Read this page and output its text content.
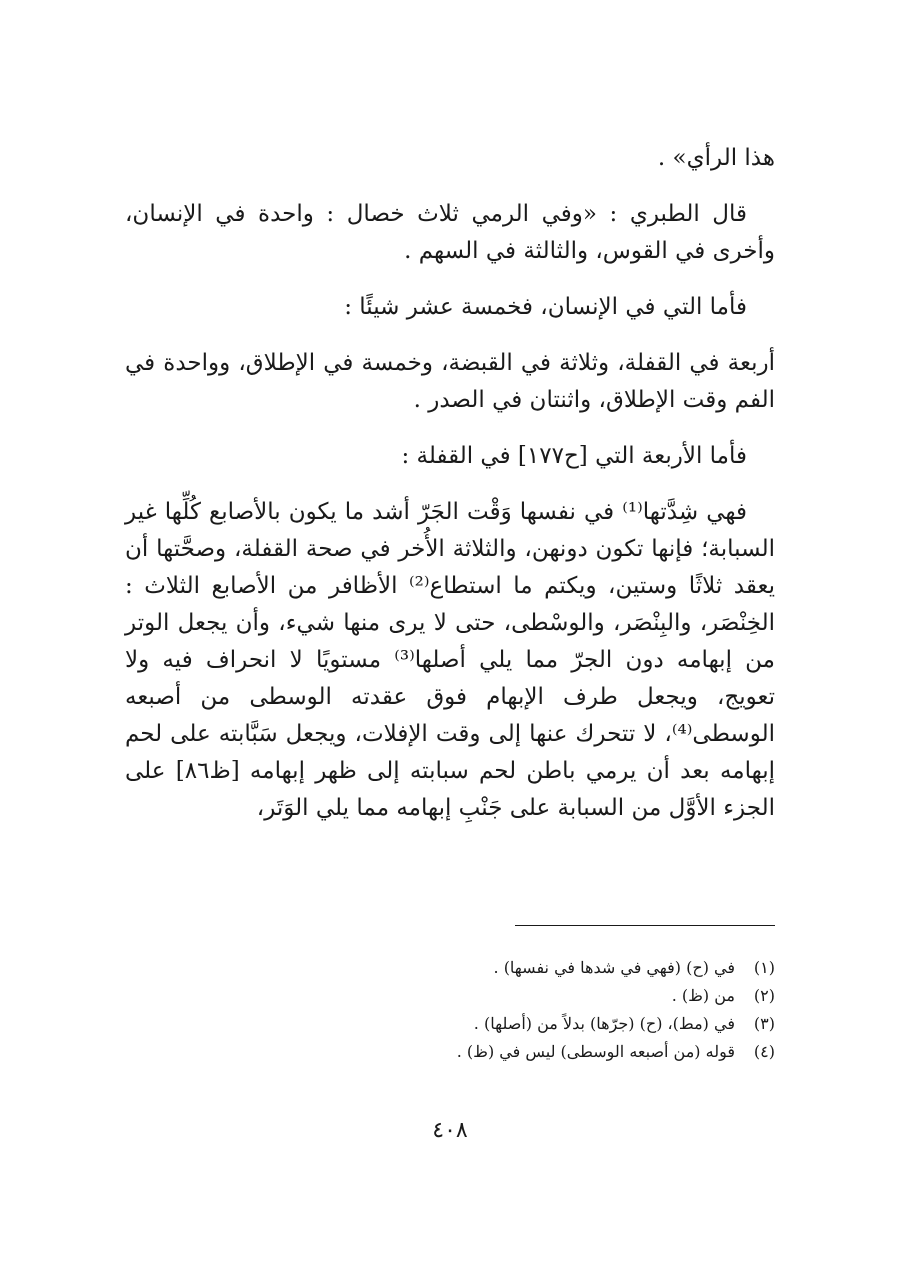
هذا الرأي» .

قال الطبري : «وفي الرمي ثلاث خصال : واحدة في الإنسان، وأخرى في القوس، والثالثة في السهم .

فأما التي في الإنسان، فخمسة عشر شيئًا :

أربعة في القفلة، وثلاثة في القبضة، وخمسة في الإطلاق، وواحدة في الفم وقت الإطلاق، واثنتان في الصدر .

فأما الأربعة التي [ح١٧٧] في القفلة :

فهي شِدَّتها⁽¹⁾ في نفسها وَقْت الجَرّ أشد ما يكون بالأصابع كُلِّها غير السبابة؛ فإنها تكون دونهن، والثلاثة الأُخر في صحة القفلة، وصحَّتها أن يعقد ثلاثًا وستين، ويكتم ما استطاع⁽²⁾ الأظافر من الأصابع الثلاث : الخِنْصَر، والبِنْصَر، والوسْطى، حتى لا يرى منها شيء، وأن يجعل الوتر من إبهامه دون الجرّ مما يلي أصلها⁽³⁾ مستويًا لا انحراف فيه ولا تعويج، ويجعل طرف الإبهام فوق عقدته الوسطى من أصبعه الوسطى⁽⁴⁾، لا تتحرك عنها إلى وقت الإفلات، ويجعل سَبَّابته على لحم إبهامه بعد أن يرمي باطن لحم سبابته إلى ظهر إبهامه [ظ٨٦] على الجزء الأوَّل من السبابة على جَنْبِ إبهامه مما يلي الوَتَر،

(١)في (ح) (فهي في شدها في نفسها) .

(٢)من (ظ) .

(٣)في (مط)، (ح) (جرّها) بدلاً من (أصلها) .

(٤)قوله (من أصبعه الوسطى) ليس في (ظ) .

٤٠٨
